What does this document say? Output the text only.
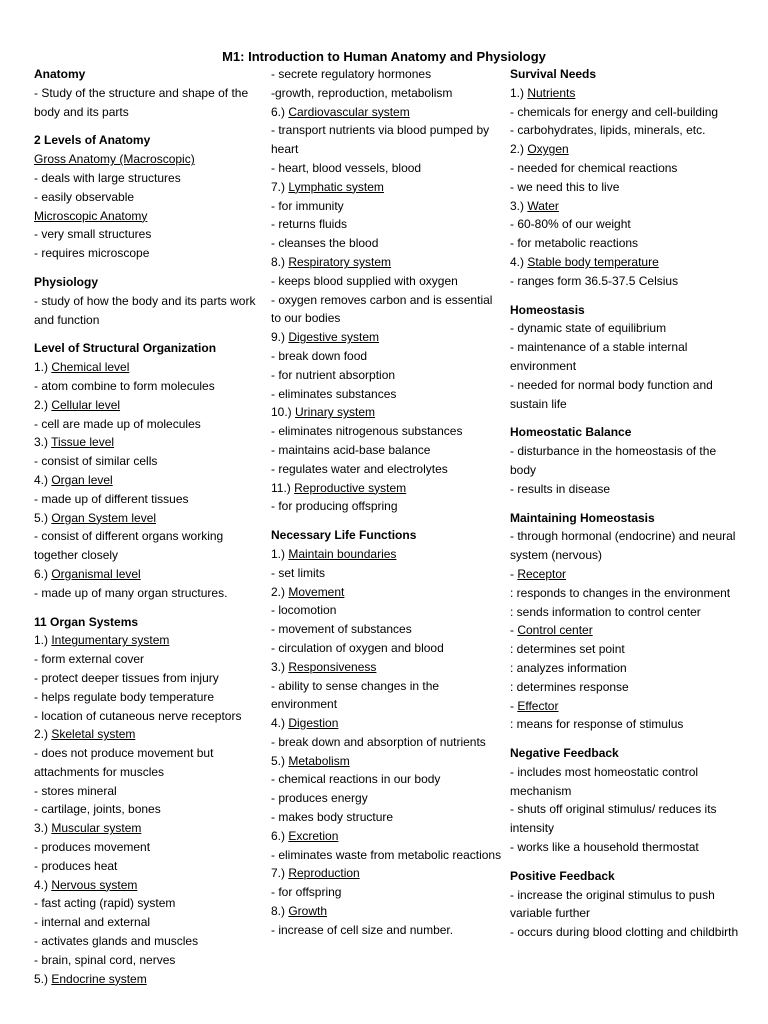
M1: Introduction to Human Anatomy and Physiology
Anatomy
- Study of the structure and shape of the body and its parts
2 Levels of Anatomy
Gross Anatomy (Macroscopic)
- deals with large structures
- easily observable
Microscopic Anatomy
- very small structures
- requires microscope
Physiology
- study of how the body and its parts work and function
Level of Structural Organization
1.) Chemical level
- atom combine to form molecules
2.) Cellular level
- cell are made up of molecules
3.) Tissue level
- consist of similar cells
4.) Organ level
- made up of different tissues
5.) Organ System level
- consist of different organs working together closely
6.) Organismal level
- made up of many organ structures.
11 Organ Systems
1.) Integumentary system
- form external cover
- protect deeper tissues from injury
- helps regulate body temperature
- location of cutaneous nerve receptors
2.) Skeletal system
- does not produce movement but attachments for muscles
- stores mineral
- cartilage, joints, bones
3.) Muscular system
- produces movement
- produces heat
4.) Nervous system
- fast acting (rapid) system
- internal and external
- activates glands and muscles
- brain, spinal cord, nerves
5.) Endocrine system
- secrete regulatory hormones
-growth, reproduction, metabolism
6.) Cardiovascular system
- transport nutrients via blood pumped by heart
- heart, blood vessels, blood
7.) Lymphatic system
- for immunity
- returns fluids
- cleanses the blood
8.) Respiratory system
- keeps blood supplied with oxygen
- oxygen removes carbon and is essential to our bodies
9.) Digestive system
- break down food
- for nutrient absorption
- eliminates substances
10.) Urinary system
- eliminates nitrogenous substances
- maintains acid-base balance
- regulates water and electrolytes
11.) Reproductive system
- for producing offspring
Necessary Life Functions
1.) Maintain boundaries
- set limits
2.) Movement
- locomotion
- movement of substances
- circulation of oxygen and blood
3.) Responsiveness
- ability to sense changes in the environment
4.) Digestion
- break down and absorption of nutrients
5.) Metabolism
- chemical reactions in our body
- produces energy
- makes body structure
6.) Excretion
- eliminates waste from metabolic reactions
7.) Reproduction
- for offspring
8.) Growth
- increase of cell size and number.
Survival Needs
1.) Nutrients
- chemicals for energy and cell-building
- carbohydrates, lipids, minerals, etc.
2.) Oxygen
- needed for chemical reactions
- we need this to live
3.) Water
- 60-80% of our weight
- for metabolic reactions
4.) Stable body temperature
- ranges form 36.5-37.5 Celsius
Homeostasis
- dynamic state of equilibrium
- maintenance of a stable internal environment
- needed for normal body function and sustain life
Homeostatic Balance
- disturbance in the homeostasis of the body
- results in disease
Maintaining Homeostasis
- through hormonal (endocrine) and neural system (nervous)
- Receptor
: responds to changes in the environment
: sends information to control center
- Control center
: determines set point
: analyzes information
: determines response
- Effector
: means for response of stimulus
Negative Feedback
- includes most homeostatic control mechanism
- shuts off original stimulus/ reduces its intensity
- works like a household thermostat
Positive Feedback
- increase the original stimulus to push variable further
- occurs during blood clotting and childbirth
